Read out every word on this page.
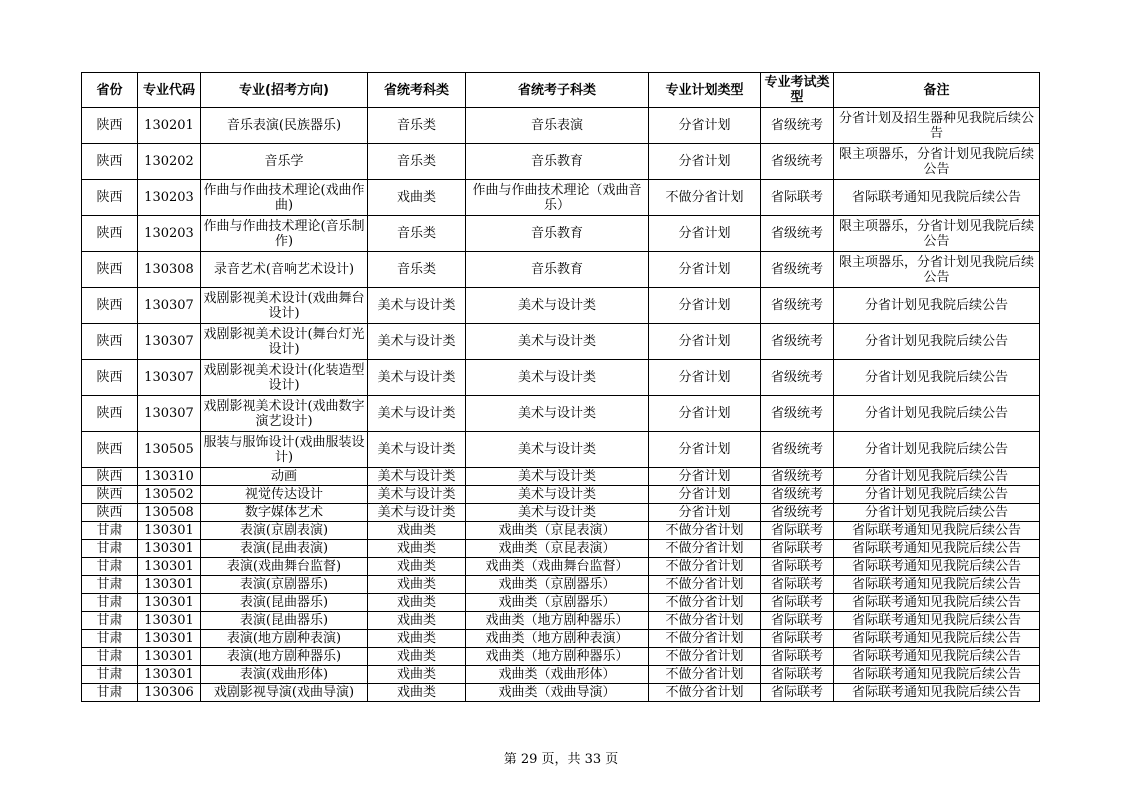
省份	专业代码	专业(招考方向)	省统考科类	省统考子科类	专业计划类型	专业考试类型	备注
陕西	130201	音乐表演(民族器乐)	音乐类	音乐表演	分省计划	省级统考	分省计划及招生器种见我院后续公告
陕西	130202	音乐学	音乐类	音乐教育	分省计划	省级统考	限主项器乐，分省计划见我院后续公告
陕西	130203	作曲与作曲技术理论(戏曲作曲)	戏曲类	作曲与作曲技术理论（戏曲音乐）	不做分省计划	省际联考	省际联考通知见我院后续公告
陕西	130203	作曲与作曲技术理论(音乐制作)	音乐类	音乐教育	分省计划	省级统考	限主项器乐，分省计划见我院后续公告
陕西	130308	录音艺术(音响艺术设计)	音乐类	音乐教育	分省计划	省级统考	限主项器乐，分省计划见我院后续公告
陕西	130307	戏剧影视美术设计(戏曲舞台设计)	美术与设计类	美术与设计类	分省计划	省级统考	分省计划见我院后续公告
陕西	130307	戏剧影视美术设计(舞台灯光设计)	美术与设计类	美术与设计类	分省计划	省级统考	分省计划见我院后续公告
陕西	130307	戏剧影视美术设计(化装造型设计)	美术与设计类	美术与设计类	分省计划	省级统考	分省计划见我院后续公告
陕西	130307	戏剧影视美术设计(戏曲数字演艺设计)	美术与设计类	美术与设计类	分省计划	省级统考	分省计划见我院后续公告
陕西	130505	服装与服饰设计(戏曲服装设计)	美术与设计类	美术与设计类	分省计划	省级统考	分省计划见我院后续公告
陕西	130310	动画	美术与设计类	美术与设计类	分省计划	省级统考	分省计划见我院后续公告
陕西	130502	视觉传达设计	美术与设计类	美术与设计类	分省计划	省级统考	分省计划见我院后续公告
陕西	130508	数字媒体艺术	美术与设计类	美术与设计类	分省计划	省级统考	分省计划见我院后续公告
甘肃	130301	表演(京剧表演)	戏曲类	戏曲类（京昆表演）	不做分省计划	省际联考	省际联考通知见我院后续公告
甘肃	130301	表演(昆曲表演)	戏曲类	戏曲类（京昆表演）	不做分省计划	省际联考	省际联考通知见我院后续公告
甘肃	130301	表演(戏曲舞台监督)	戏曲类	戏曲类（戏曲舞台监督）	不做分省计划	省际联考	省际联考通知见我院后续公告
甘肃	130301	表演(京剧器乐)	戏曲类	戏曲类（京剧器乐）	不做分省计划	省际联考	省际联考通知见我院后续公告
甘肃	130301	表演(昆曲器乐)	戏曲类	戏曲类（京剧器乐）	不做分省计划	省际联考	省际联考通知见我院后续公告
甘肃	130301	表演(昆曲器乐)	戏曲类	戏曲类（地方剧种器乐）	不做分省计划	省际联考	省际联考通知见我院后续公告
甘肃	130301	表演(地方剧种表演)	戏曲类	戏曲类（地方剧种表演）	不做分省计划	省际联考	省际联考通知见我院后续公告
甘肃	130301	表演(地方剧种器乐)	戏曲类	戏曲类（地方剧种器乐）	不做分省计划	省际联考	省际联考通知见我院后续公告
甘肃	130301	表演(戏曲形体)	戏曲类	戏曲类（戏曲形体）	不做分省计划	省际联考	省际联考通知见我院后续公告
甘肃	130306	戏剧影视导演(戏曲导演)	戏曲类	戏曲类（戏曲导演）	不做分省计划	省际联考	省际联考通知见我院后续公告
第 29 页，共 33 页
